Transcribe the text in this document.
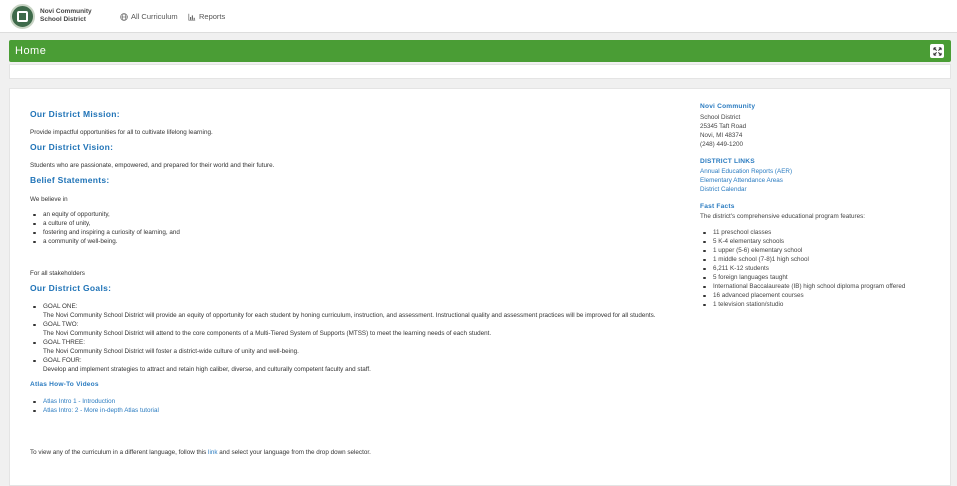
Novi Community
School District	All Curriculum	Reports
Home
Our District Mission:
Provide impactful opportunities for all to cultivate lifelong learning.
Our District Vision:
Students who are passionate, empowered, and prepared for their world and their future.
Belief Statements:
We believe in
an equity of opportunity,
a culture of unity,
fostering and inspiring a curiosity of learning, and
a community of well-being.
For all stakeholders
Our District Goals:
GOAL ONE:
The Novi Community School District will provide an equity of opportunity for each student by honing curriculum, instruction, and assessment. Instructional quality and assessment practices will be improved for all students.
GOAL TWO:
The Novi Community School District will attend to the core components of a Multi-Tiered System of Supports (MTSS) to meet the learning needs of each student.
GOAL THREE:
The Novi Community School District will foster a district-wide culture of unity and well-being.
GOAL FOUR:
Develop and implement strategies to attract and retain high caliber, diverse, and culturally competent faculty and staff.
Atlas How-To Videos
Atlas Intro 1 - Introduction
Atlas Intro: 2 - More in-depth Atlas tutorial
To view any of the curriculum in a different language, follow this link and select your language from the drop down selector.
Novi Community
School District
25345 Taft Road
Novi, MI 48374
(248) 449-1200
DISTRICT LINKS
Annual Education Reports (AER)
Elementary Attendance Areas
District Calendar
Fast Facts
The district's comprehensive educational program features:
11 preschool classes
5 K-4 elementary schools
1 upper (5-6) elementary school
1 middle school (7-8)1 high school
6,211 K-12 students
5 foreign languages taught
International Baccalaureate (IB) high school diploma program offered
16 advanced placement courses
1 television station/studio
